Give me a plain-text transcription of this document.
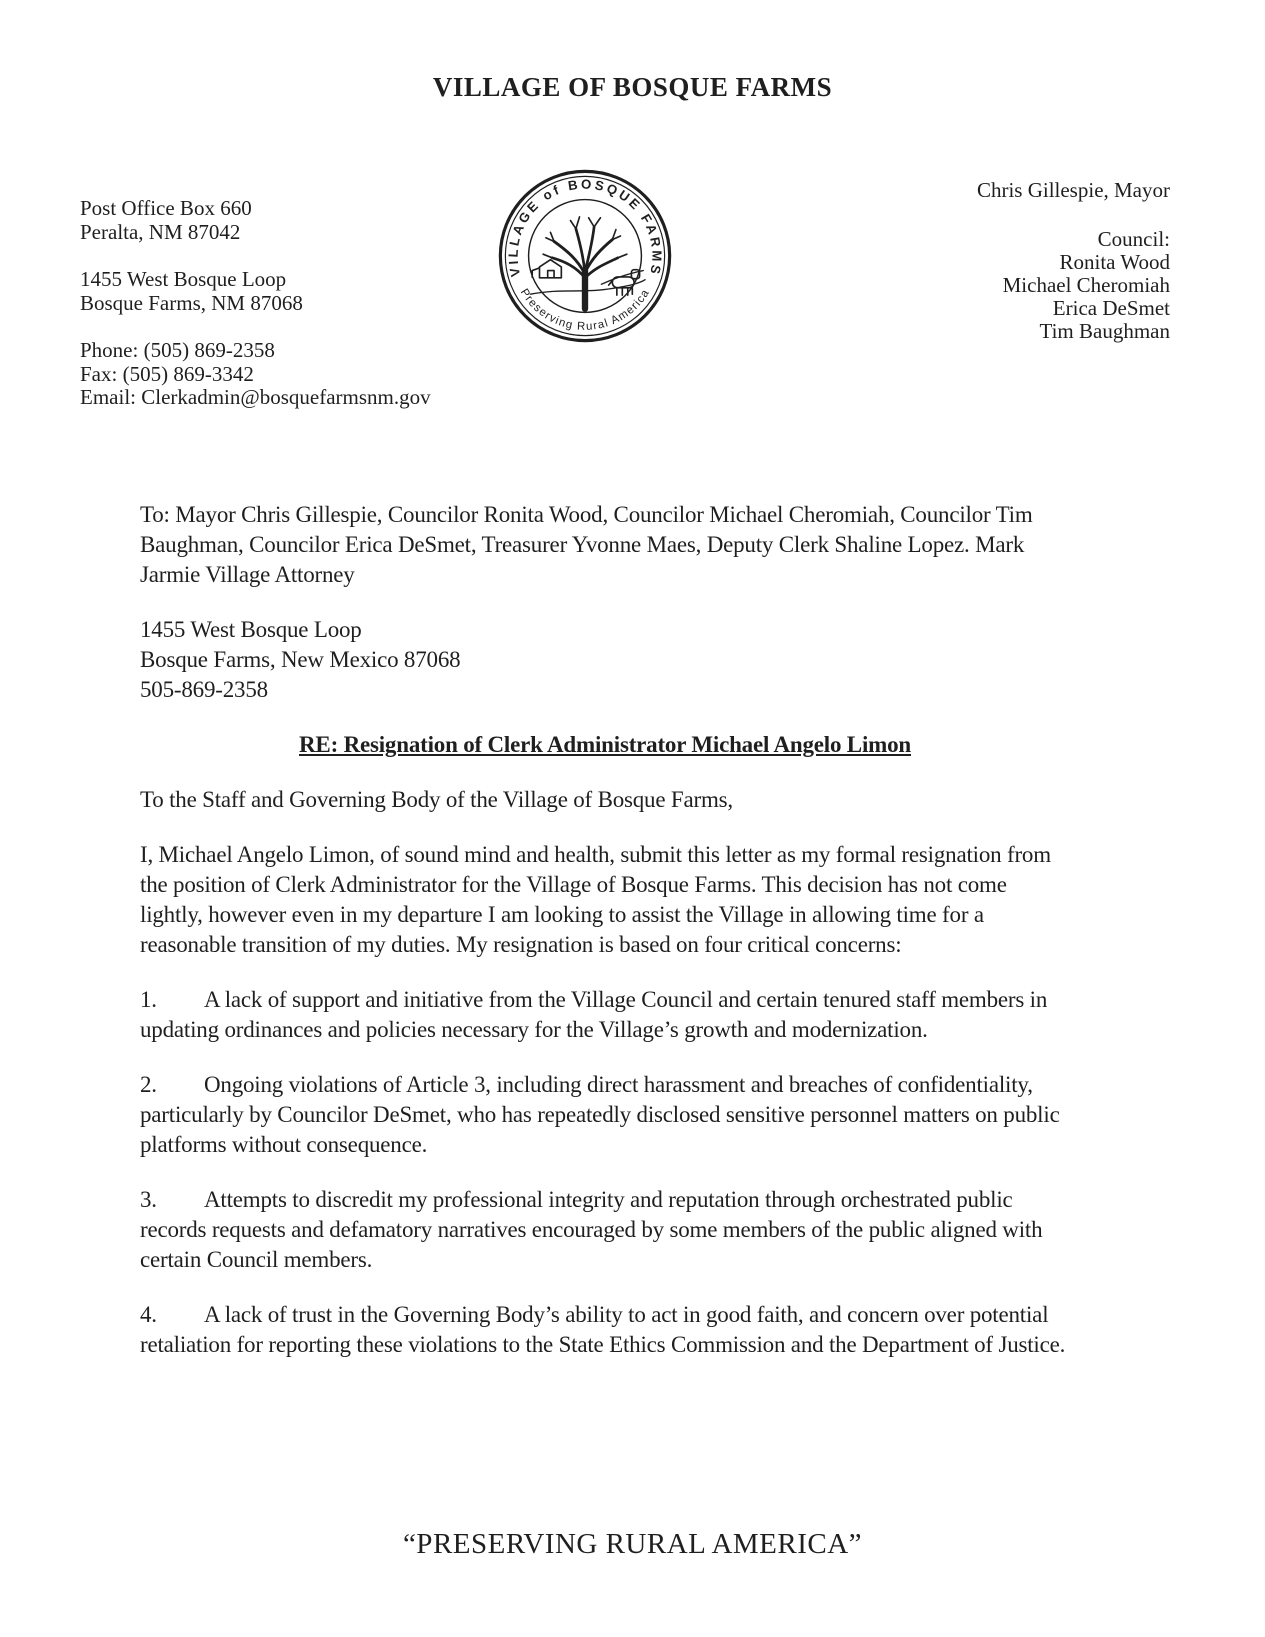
VILLAGE OF BOSQUE FARMS
Post Office Box 660
Peralta, NM 87042
1455 West Bosque Loop
Bosque Farms, NM 87068
Phone: (505) 869-2358
Fax: (505) 869-3342
Email: Clerkadmin@bosquefarmsnm.gov
VILLAGE of BOSQUE FARMS
Preserving Rural America
Chris Gillespie, Mayor
Council:
Ronita Wood
Michael Cheromiah
Erica DeSmet
Tim Baughman

To: Mayor Chris Gillespie, Councilor Ronita Wood, Councilor Michael Cheromiah, Councilor Tim Baughman, Councilor Erica DeSmet, Treasurer Yvonne Maes, Deputy Clerk Shaline Lopez. Mark Jarmie Village Attorney

1455 West Bosque Loop
Bosque Farms, New Mexico 87068
505-869-2358

RE: Resignation of Clerk Administrator Michael Angelo Limon

To the Staff and Governing Body of the Village of Bosque Farms,

I, Michael Angelo Limon, of sound mind and health, submit this letter as my formal resignation from the position of Clerk Administrator for the Village of Bosque Farms. This decision has not come lightly, however even in my departure I am looking to assist the Village in allowing time for a reasonable transition of my duties. My resignation is based on four critical concerns:

1. A lack of support and initiative from the Village Council and certain tenured staff members in updating ordinances and policies necessary for the Village’s growth and modernization.

2. Ongoing violations of Article 3, including direct harassment and breaches of confidentiality, particularly by Councilor DeSmet, who has repeatedly disclosed sensitive personnel matters on public platforms without consequence.

3. Attempts to discredit my professional integrity and reputation through orchestrated public records requests and defamatory narratives encouraged by some members of the public aligned with certain Council members.

4. A lack of trust in the Governing Body’s ability to act in good faith, and concern over potential retaliation for reporting these violations to the State Ethics Commission and the Department of Justice.

“PRESERVING RURAL AMERICA”
